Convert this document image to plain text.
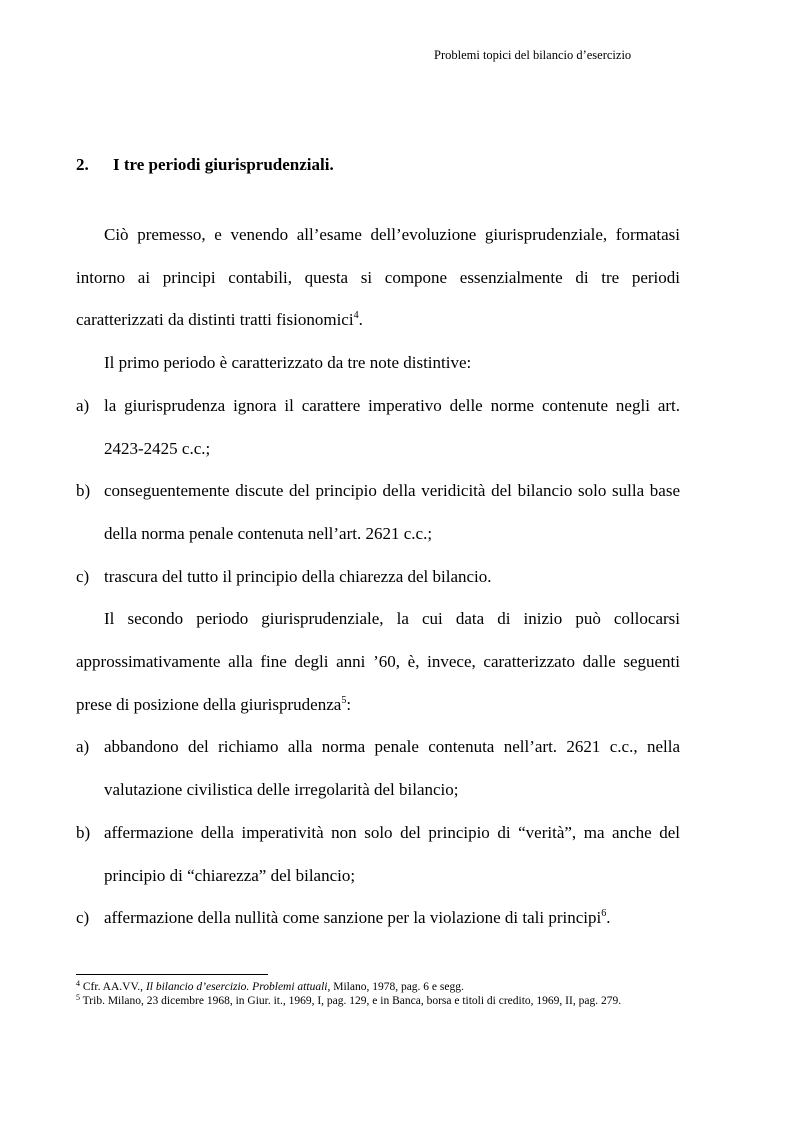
Problemi topici del bilancio d’esercizio
2. I tre periodi giurisprudenziali.

Ciò premesso, e venendo all’esame dell’evoluzione giurisprudenziale, formatasi intorno ai principi contabili, questa si compone essenzialmente di tre periodi caratterizzati da distinti tratti fisionomici$^4$.

Il primo periodo è caratterizzato da tre note distintive:

a) la giurisprudenza ignora il carattere imperativo delle norme contenute negli art. 2423-2425 c.c.;
b) conseguentemente discute del principio della veridicità del bilancio solo sulla base della norma penale contenuta nell’art. 2621 c.c.;
c) trascura del tutto il principio della chiarezza del bilancio.

Il secondo periodo giurisprudenziale, la cui data di inizio può collocarsi approssimativamente alla fine degli anni ’60, è, invece, caratterizzato dalle seguenti prese di posizione della giurisprudenza$^5$:

a) abbandono del richiamo alla norma penale contenuta nell’art. 2621 c.c., nella valutazione civilistica delle irregolarità del bilancio;
b) affermazione della imperatività non solo del principio di “verità”, ma anche del principio di “chiarezza” del bilancio;
c) affermazione della nullità come sanzione per la violazione di tali principi$^6$.

$^4$ Cfr. AA.VV., Il bilancio d’esercizio. Problemi attuali, Milano, 1978, pag. 6 e segg.

$^5$ Trib. Milano, 23 dicembre 1968, in Giur. it., 1969, I, pag. 129, e in Banca, borsa e titoli di credito, 1969, II, pag. 279.
